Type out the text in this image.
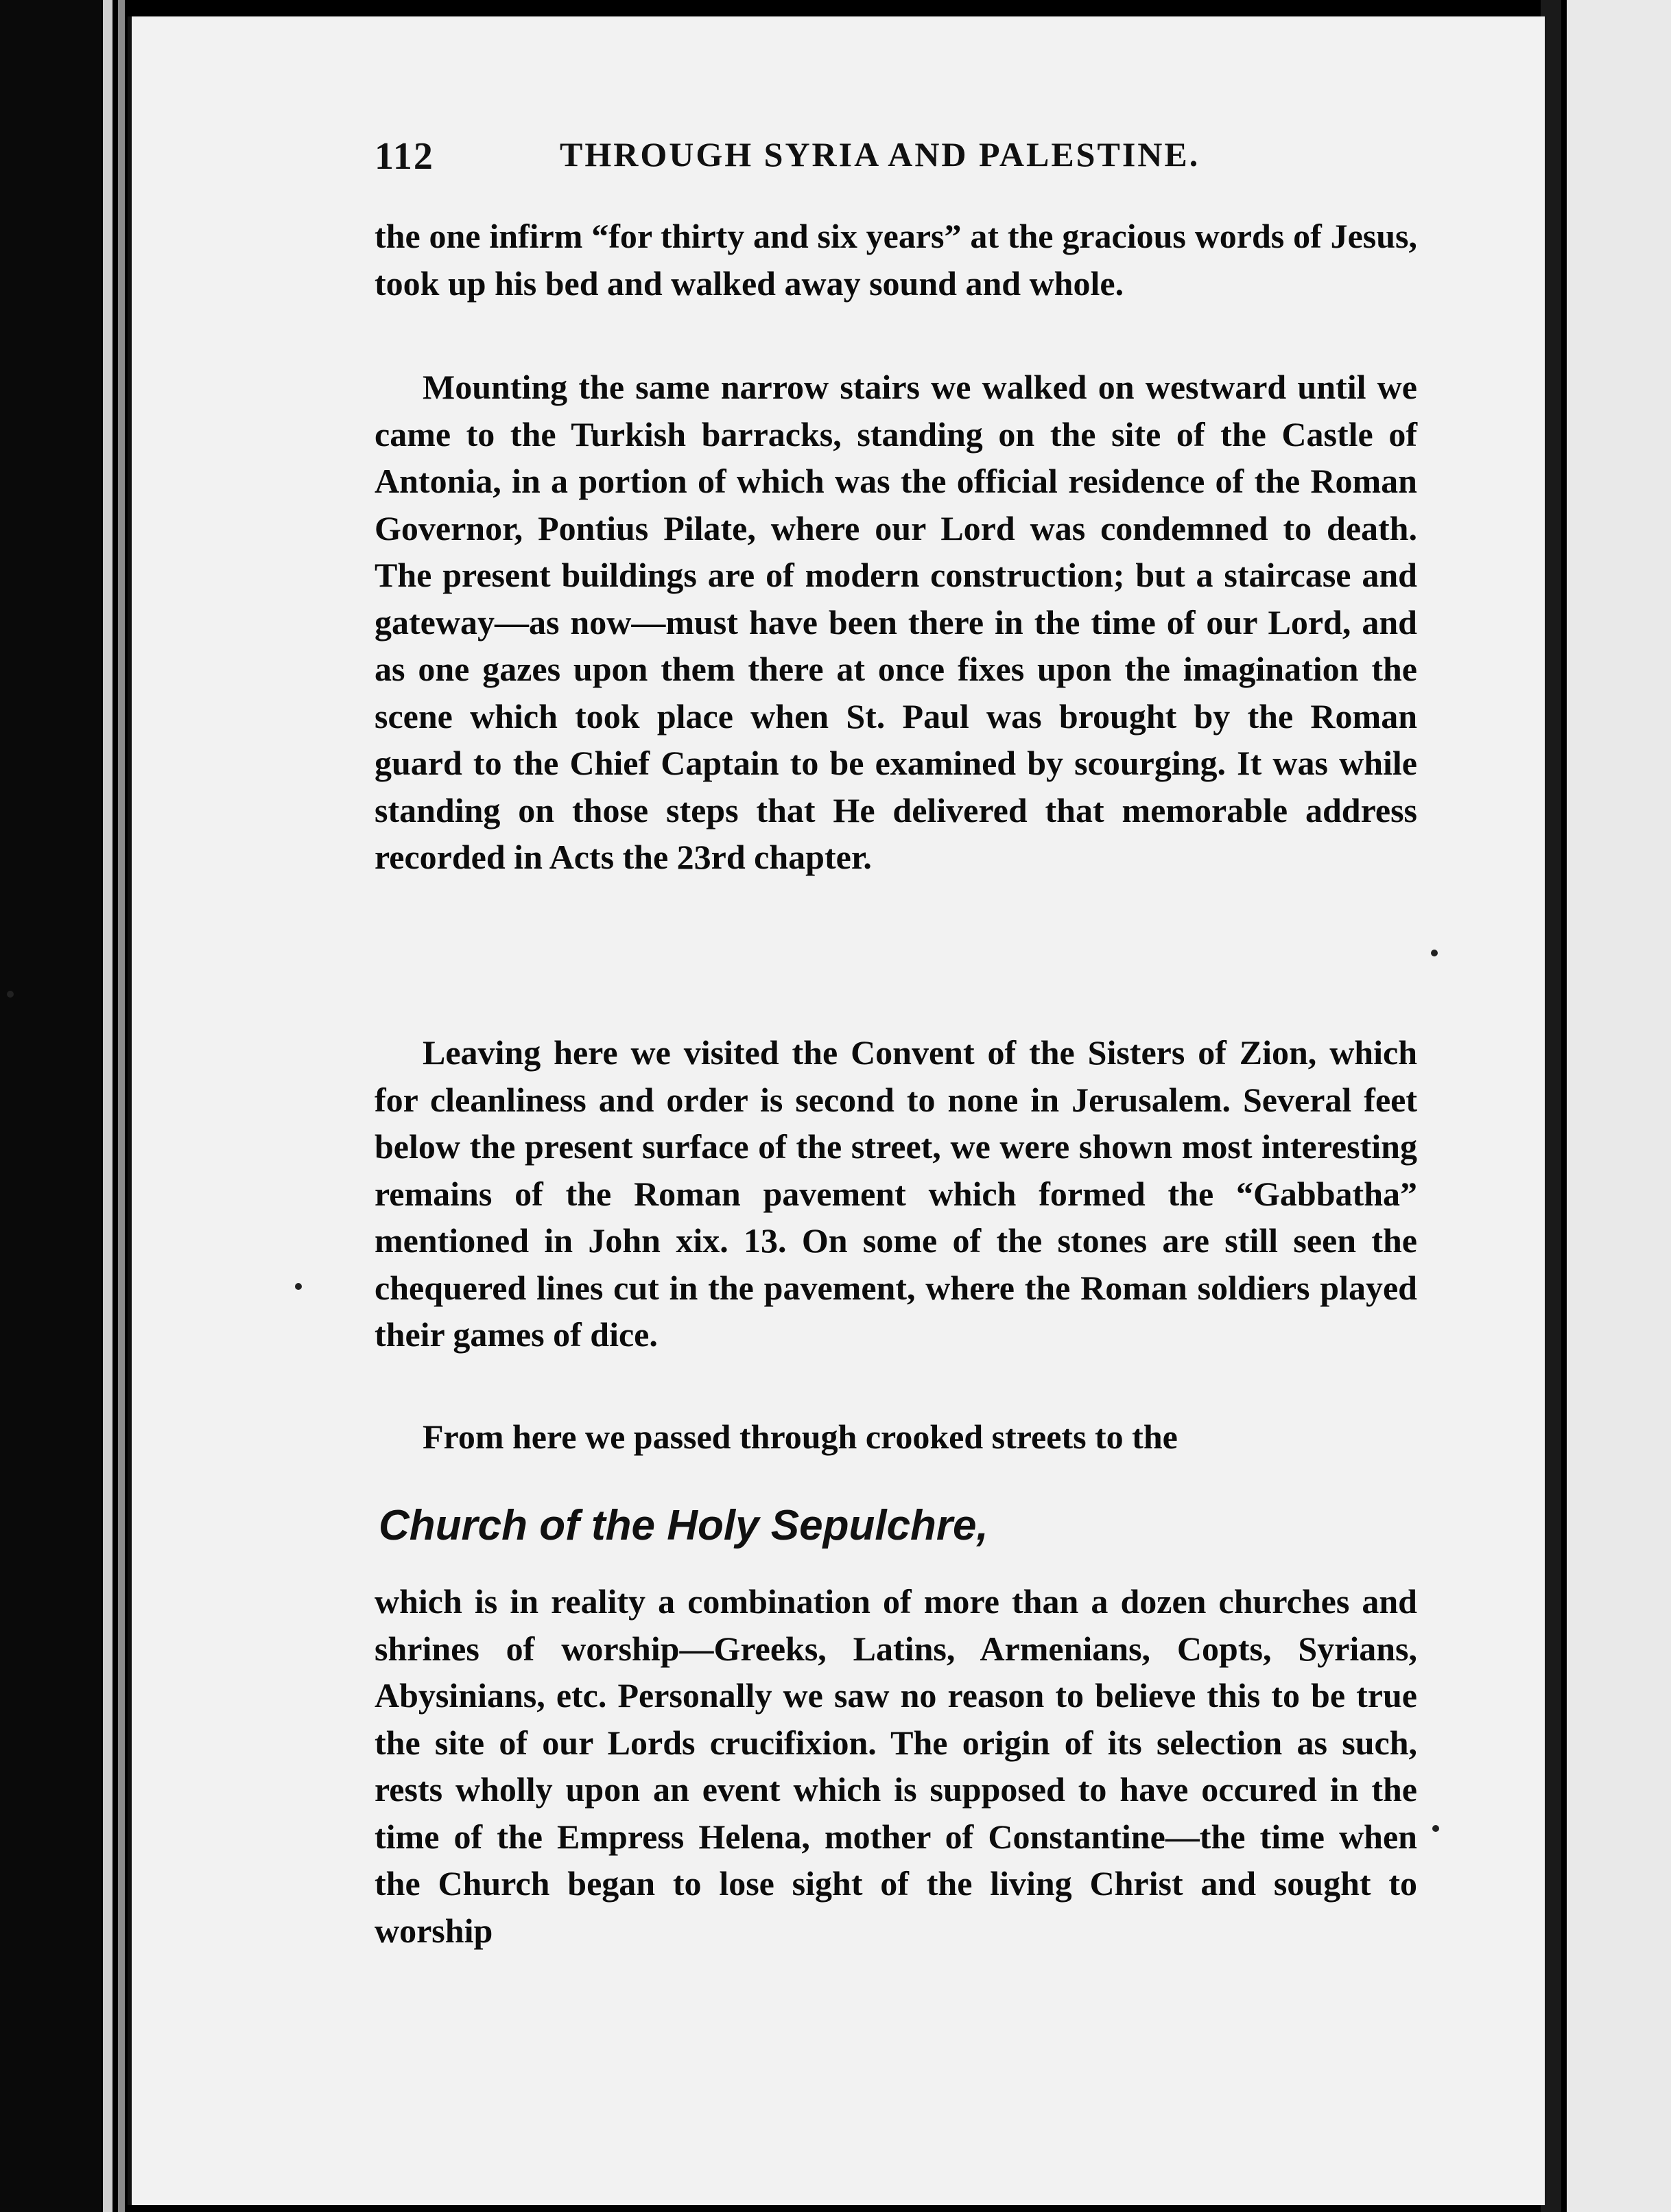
112	THROUGH SYRIA AND PALESTINE.

the one infirm “for thirty and six years” at the gracious words of Jesus, took up his bed and walked away sound and whole.

Mounting the same narrow stairs we walked on westward until we came to the Turkish barracks, standing on the site of the Castle of Antonia, in a portion of which was the official residence of the Roman Governor, Pontius Pilate, where our Lord was condemned to death. The present buildings are of modern construction; but a staircase and gateway—as now—must have been there in the time of our Lord, and as one gazes upon them there at once fixes upon the imagination the scene which took place when St. Paul was brought by the Roman guard to the Chief Captain to be examined by scourging. It was while standing on those steps that He delivered that memorable address recorded in Acts the 23rd chapter.

Leaving here we visited the Convent of the Sisters of Zion, which for cleanliness and order is second to none in Jerusalem. Several feet below the present surface of the street, we were shown most interesting remains of the Roman pavement which formed the “Gabbatha” mentioned in John xix. 13. On some of the stones are still seen the chequered lines cut in the pavement, where the Roman soldiers played their games of dice.

From here we passed through crooked streets to the

Church of the Holy Sepulchre,

which is in reality a combination of more than a dozen churches and shrines of worship—Greeks, Latins, Armenians, Copts, Syrians, Abysinians, etc. Personally we saw no reason to believe this to be true the site of our Lords crucifixion. The origin of its selection as such, rests wholly upon an event which is supposed to have occured in the time of the Empress Helena, mother of Constantine—the time when the Church began to lose sight of the living Christ and sought to worship
